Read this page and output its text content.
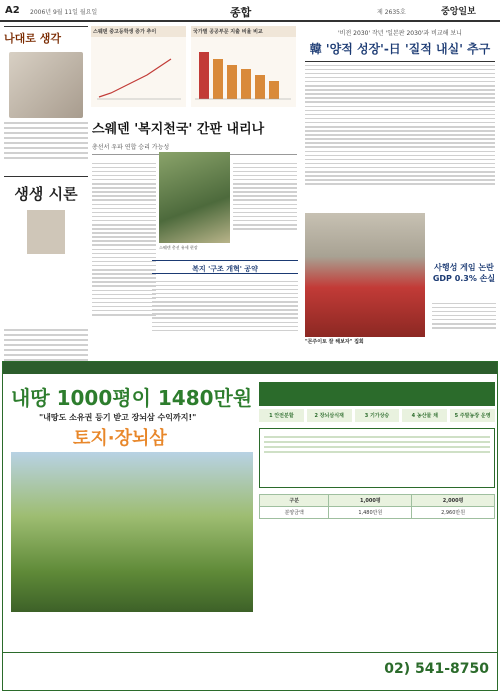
A2 2006년 9월 11일 월요일	종합	제 2635호	중앙일보
나대로 생각
생생 시론
스웨덴 중고등학생 증가 추이	국가별 공공부문 지출 비율 비교
스웨덴 '복지천국' 간판 내리나
총선서 우파 연합 승리 가능성
스웨덴 총선 유세 현장
복지 '구조 개혁' 공약
'비전 2030' 작년 '일본판 2030'과 비교해 보니
韓 '양적 성장'-日 '질적 내실' 추구
"몬주이토 잘 해보자" 집회
사행성 게임 논란 GDP 0.3% 손실
내땅 1000평이 1480만원
"내땅도 소유권 등기 받고 장뇌삼 수익까지!"
토지·장뇌삼
1 안전분할	2 장뇌삼식재	3 기가상승	4 농산물 채	5 주말농장 운영
구분	1,000평	2,000평
분양금액	1,480만원	2,960만원
02) 541-8750
